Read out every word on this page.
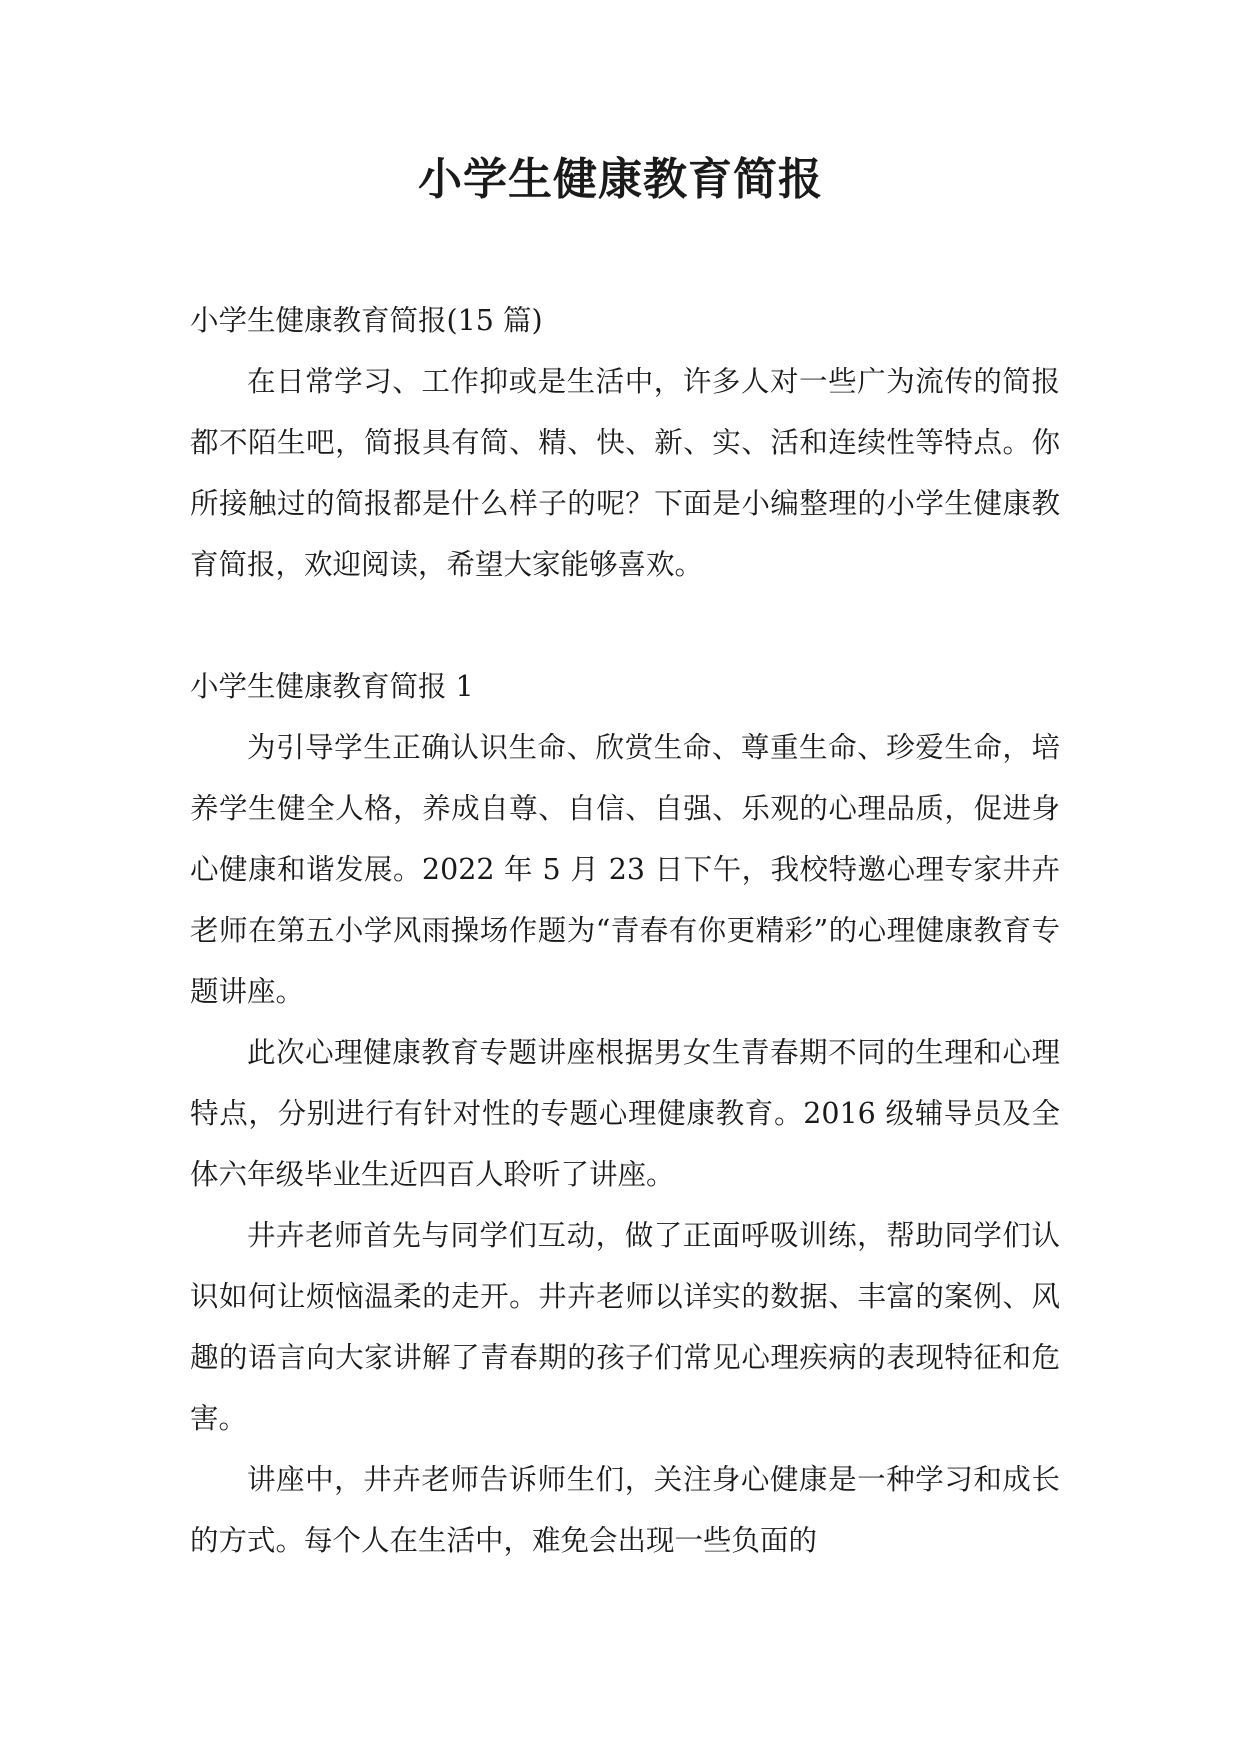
小学生健康教育简报

小学生健康教育简报(15 篇)

在日常学习、工作抑或是生活中，许多人对一些广为流传的简报都不陌生吧，简报具有简、精、快、新、实、活和连续性等特点。你所接触过的简报都是什么样子的呢？下面是小编整理的小学生健康教育简报，欢迎阅读，希望大家能够喜欢。

小学生健康教育简报 1

为引导学生正确认识生命、欣赏生命、尊重生命、珍爱生命，培养学生健全人格，养成自尊、自信、自强、乐观的心理品质，促进身心健康和谐发展。2022 年 5 月 23 日下午，我校特邀心理专家井卉老师在第五小学风雨操场作题为“青春有你更精彩”的心理健康教育专题讲座。

此次心理健康教育专题讲座根据男女生青春期不同的生理和心理特点，分别进行有针对性的专题心理健康教育。2016 级辅导员及全体六年级毕业生近四百人聆听了讲座。

井卉老师首先与同学们互动，做了正面呼吸训练，帮助同学们认识如何让烦恼温柔的走开。井卉老师以详实的数据、丰富的案例、风趣的语言向大家讲解了青春期的孩子们常见心理疾病的表现特征和危害。

讲座中，井卉老师告诉师生们，关注身心健康是一种学习和成长的方式。每个人在生活中，难免会出现一些负面的
